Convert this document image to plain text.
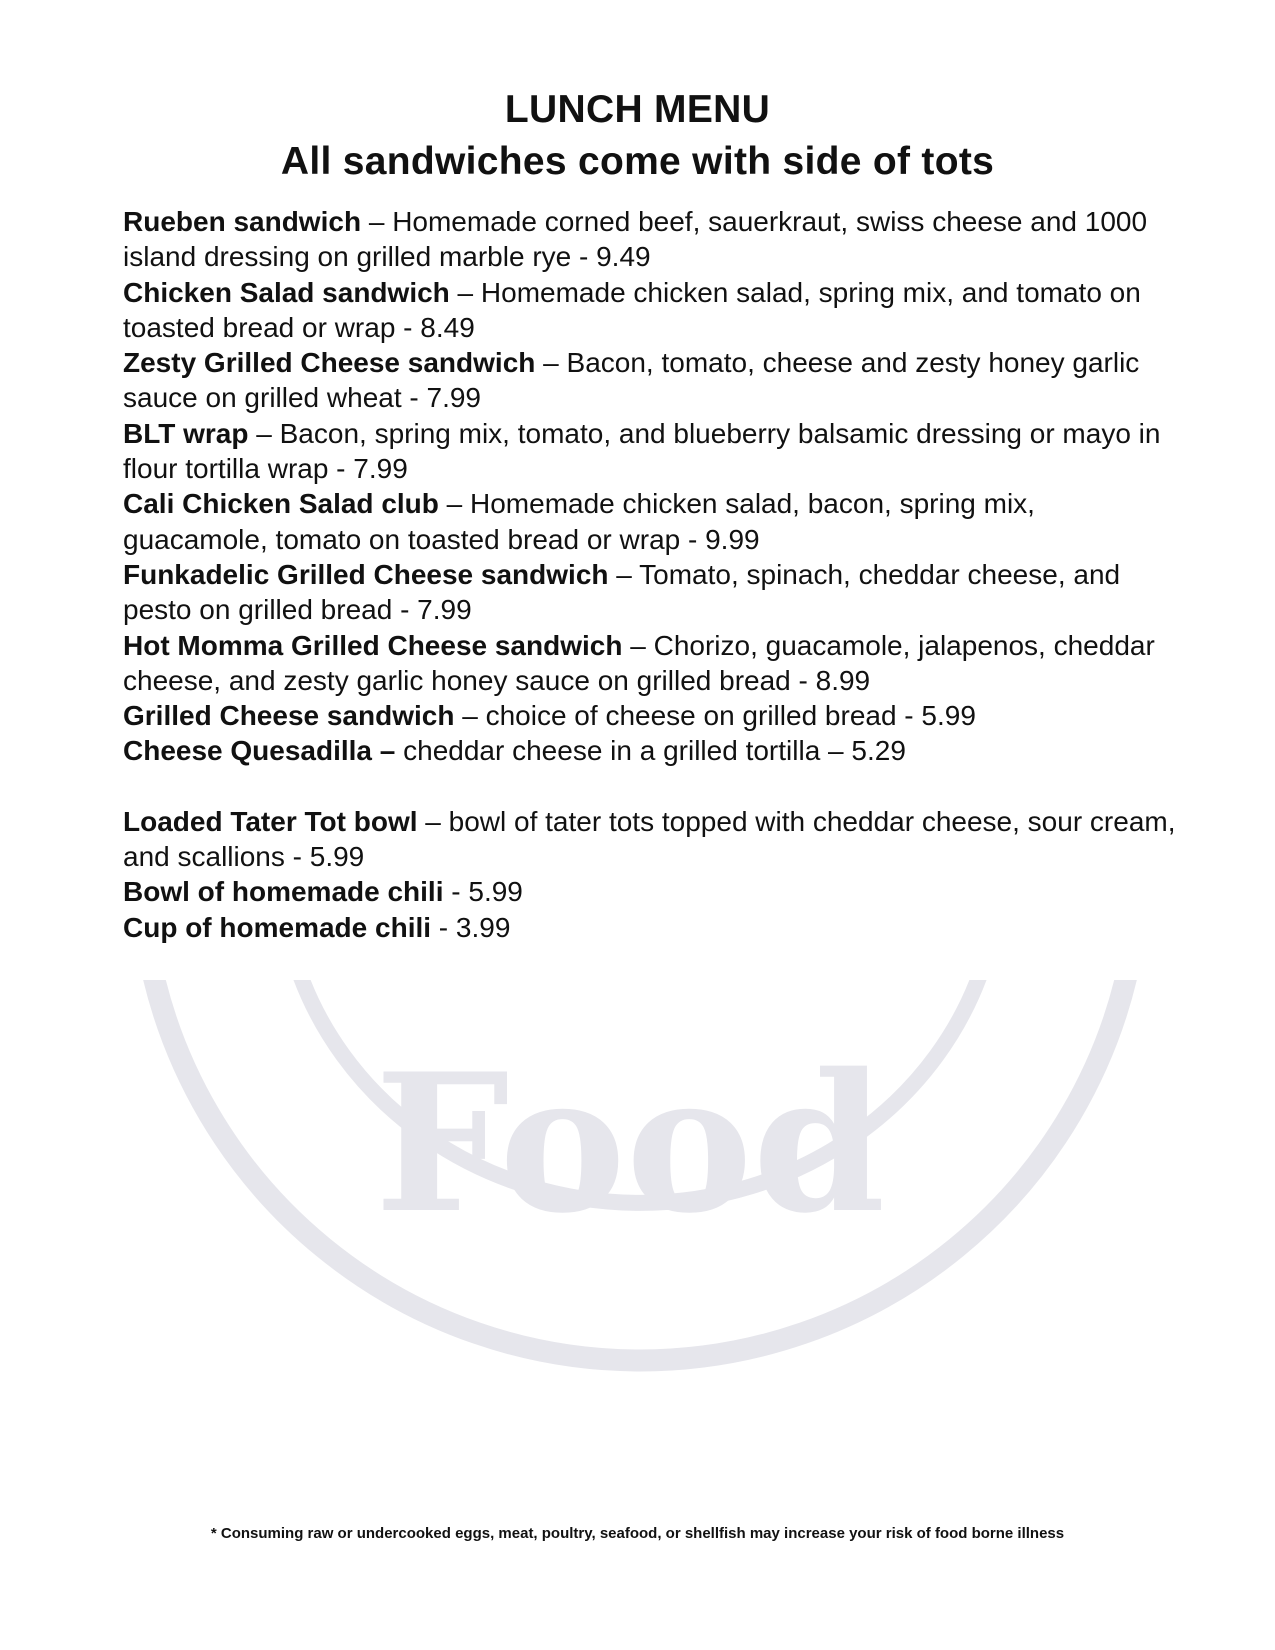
Food
LUNCH MENU
All sandwiches come with side of tots

Rueben sandwich – Homemade corned beef, sauerkraut, swiss cheese and 1000 island dressing on grilled marble rye - 9.49

Chicken Salad sandwich – Homemade chicken salad, spring mix, and tomato on toasted bread or wrap - 8.49

Zesty Grilled Cheese sandwich – Bacon, tomato, cheese and zesty honey garlic sauce on grilled wheat - 7.99

BLT wrap – Bacon, spring mix, tomato, and blueberry balsamic dressing or mayo in flour tortilla wrap - 7.99

Cali Chicken Salad club – Homemade chicken salad, bacon, spring mix, guacamole, tomato on toasted bread or wrap - 9.99

Funkadelic Grilled Cheese sandwich – Tomato, spinach, cheddar cheese, and pesto on grilled bread - 7.99

Hot Momma Grilled Cheese sandwich – Chorizo, guacamole, jalapenos, cheddar cheese, and zesty garlic honey sauce on grilled bread - 8.99

Grilled Cheese sandwich – choice of cheese on grilled bread - 5.99

Cheese Quesadilla – cheddar cheese in a grilled tortilla – 5.29

Loaded Tater Tot bowl – bowl of tater tots topped with cheddar cheese, sour cream, and scallions - 5.99

Bowl of homemade chili - 5.99

Cup of homemade chili - 3.99

* Consuming raw or undercooked eggs, meat, poultry, seafood, or shellfish may increase your risk of food borne illness
